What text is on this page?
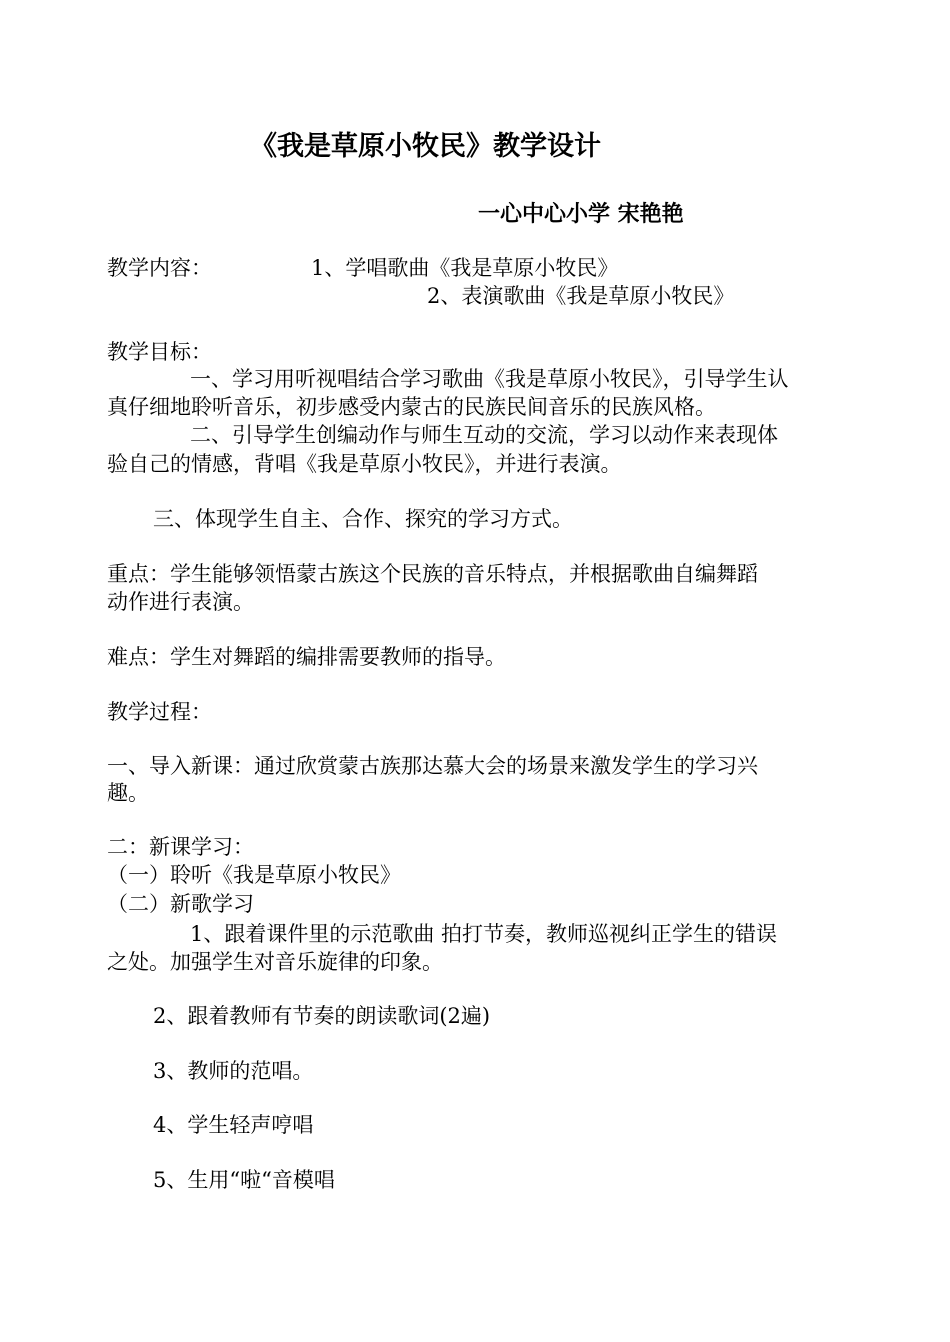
《我是草原小牧民》教学设计
一心中心小学 宋艳艳
教学内容：	1、学唱歌曲《我是草原小牧民》
2、表演歌曲《我是草原小牧民》
教学目标：
一、学习用听视唱结合学习歌曲《我是草原小牧民》，引导学生认
真仔细地聆听音乐，初步感受内蒙古的民族民间音乐的民族风格。
二、引导学生创编动作与师生互动的交流，学习以动作来表现体
验自己的情感，背唱《我是草原小牧民》，并进行表演。
三、体现学生自主、合作、探究的学习方式。
重点：学生能够领悟蒙古族这个民族的音乐特点，并根据歌曲自编舞蹈
动作进行表演。
难点：学生对舞蹈的编排需要教师的指导。
教学过程：
一、导入新课：通过欣赏蒙古族那达慕大会的场景来激发学生的学习兴
趣。
二：新课学习：
（一）聆听《我是草原小牧民》
（二）新歌学习
1、跟着课件里的示范歌曲 拍打节奏，教师巡视纠正学生的错误
之处。加强学生对音乐旋律的印象。
2、跟着教师有节奏的朗读歌词(2遍)
3、教师的范唱。
4、学生轻声哼唱
5、生用“啦“音模唱
